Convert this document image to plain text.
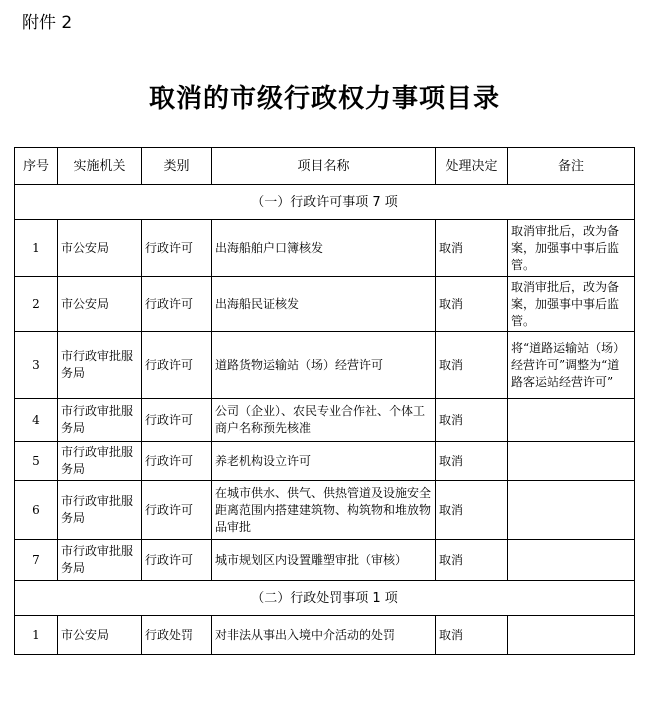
附件 2
取消的市级行政权力事项目录
序号	实施机关	类别	项目名称	处理决定	备注
（一）行政许可事项 7 项					
1	市公安局	行政许可	出海船舶户口簿核发	取消	取消审批后，改为备案，加强事中事后监管。
2	市公安局	行政许可	出海船民证核发	取消	取消审批后，改为备案，加强事中事后监管。
3	市行政审批服务局	行政许可	道路货物运输站（场）经营许可	取消	将“道路运输站（场）经营许可”调整为“道路客运站经营许可”
4	市行政审批服务局	行政许可	公司（企业）、农民专业合作社、个体工商户名称预先核准	取消	
5	市行政审批服务局	行政许可	养老机构设立许可	取消	
6	市行政审批服务局	行政许可	在城市供水、供气、供热管道及设施安全距离范围内搭建建筑物、构筑物和堆放物品审批	取消	
7	市行政审批服务局	行政许可	城市规划区内设置雕塑审批（审核）	取消	
（二）行政处罚事项 1 项					
1	市公安局	行政处罚	对非法从事出入境中介活动的处罚	取消	
